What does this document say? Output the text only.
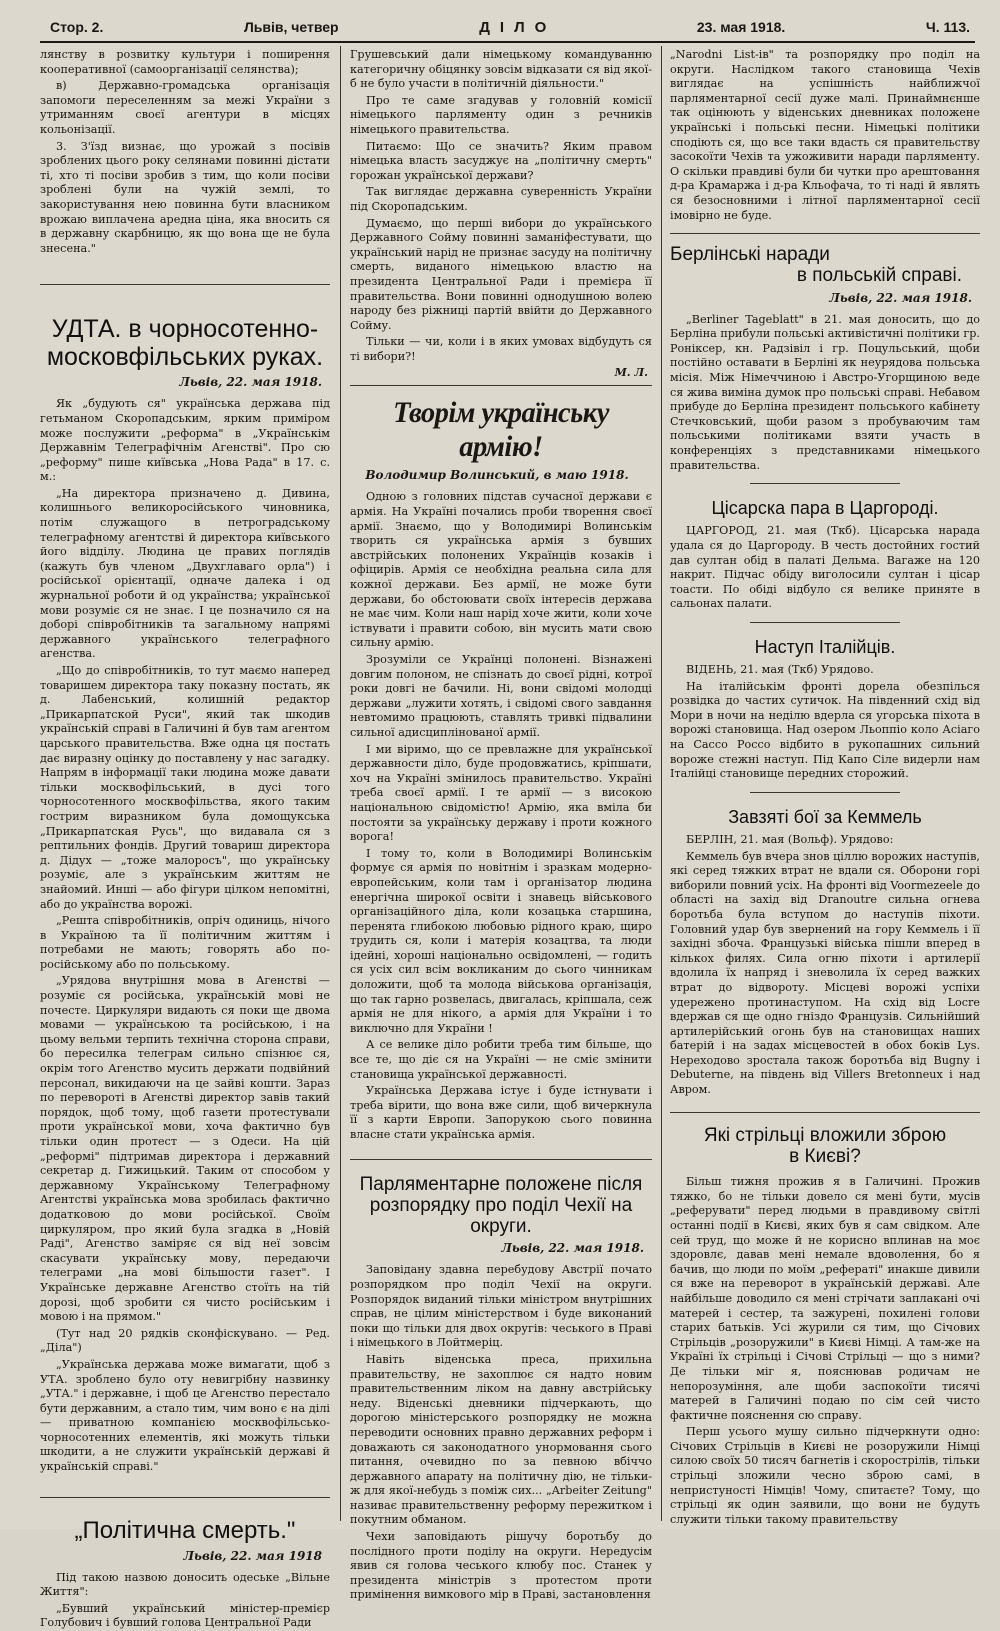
Стор. 2.	Львів, четвер	ДІЛО	23. мая 1918.	Ч. 113.

лянству в розвитку культури і поширення кооперативної (самоорганізації селянства);

в) Державно-громадська організація запомоги переселенням за межі України з утриманням своєї агентури в місцях кольонізації.

3. З'їзд визнає, що урожай з посівів зроблених цього року селянами повинні дістати ті, хто ті посіви зробив з тим, що коли посіви зроблені були на чужій землі, то закористування нею повинна бути власником врожаю виплачена аредна ціна, яка вносить ся в державну скарбницю, як що вона ще не була знесена."

УДТА. в чорносотенно-
московфільських руках.
Львів, 22. мая 1918.

Як „будують ся" українська держава під гетьманом Скоропадським, ярким приміром може послужити „реформа" в „Українськім Державнім Телеграфічнім Агенстві". Про сю „реформу" пише київська „Нова Рада" в 17. с. м.:

„На директора призначено д. Дивина, колишнього великоросійського чиновника, потім служащого в петроградському телеграфному агентстві й директора київського його відділу. Людина це правих поглядів (кажуть був членом „Двухглаваго орла") і російської орієнтації, одначе далека і од журнальної роботи й од українства; української мови розуміє ся не знає. І це позначило ся на доборі співробітників та загальному напрямі державного українського телеграфного агенства.

„Що до співробітників, то тут маємо наперед товаришем директора таку показну постать, як д. Лабенський, колишній редактор „Прикарпатской Руси", який так шкодив українській справі в Галичині й був там агентом царського правительства. Вже одна ця постать дає виразну оцінку до поставлену у нас загадку. Напрям в інформації таки людина може давати тільки москвофільський, в дусі того чорносотенного москвофільства, якого таким гострим виразником була домощукська „Прикарпатская Русь", що видавала ся з рептильних фондів. Другий товариш директора д. Дідух — „тоже малоросъ", що українську розуміє, але з українським життям не знайомий. Инші — або фігури цілком непомітні, або до українства ворожі.

„Решта співробітників, опріч одиниць, нічого в Україною та її політичним життям і потребами не мають; говорять або по-російському або по польському.

„Урядова внутрішня мова в Агенстві — розуміє ся російська, українській мові не почесте. Циркуляри видають ся поки ще двома мовами — українською та російською, і на цьому вельми терпить технічна сторона справи, бо пересилка телеграм сильно спізнює ся, окрім того Агенство мусить держати подвійний персонал, викидаючи на це зайві кошти. Зараз по перевороті в Агенстві директор завів такий порядок, щоб тому, щоб газети протестували проти української мови, хоча фактично був тільки один протест — з Одеси. На цій „реформі" підтримав директора і державний секретар д. Гижицький. Таким от способом у державному Українському Телеграфному Агентстві українська мова зробилась фактично додатковою до мови російської. Своїм циркуляром, про який була згадка в „Новій Раді", Агенство заміряє ся від неї зовсім скасувати українську мову, передаючи телеграми „на мові більшости газет". І Українське державне Агенство стоїть на тій дорозі, щоб зробити ся чисто російським і мовою і на прямом."

(Тут над 20 рядків сконфіскувано. — Ред. „Діла")

„Українська держава може вимагати, щоб з УТА. зроблено було оту невигрібну назвинку „УТА." і державне, і щоб це Агенство перестало бути державним, а стало тим, чим воно є на ділі — приватною компанією москвофільсько-чорносотенних елементів, які можуть тільки шкодити, а не служити українській державі й українській справі."

„Політична смерть."
Львів, 22. мая 1918

Під такою назвою доносить одеське „Вільне Життя":

„Бувший український міністер-премієр Голубович і бувший голова Центральної Ради

Грушевський дали німецькому командуванню категоричну обіцянку зовсім відказати ся від якої-б не було участи в політичній діяльности."

Про те саме згадував у головній комісії німецького парляменту один з речників німецького правительства.

Питаємо: Що се значить? Яким правом німецька власть засуджує на „політичну смерть" горожан української держави?

Так виглядає державна суверенність України під Скоропадським.

Думаємо, що перші вибори до українського Державного Сойму повинні заманіфестувати, що український нарід не признає засуду на політичну смерть, виданого німецькою властю на президента Центральної Ради і премієра її правительства. Вони повинні однодушною волею народу без ріжниці партій ввійти до Державного Сойму.

Тільки — чи, коли і в яких умовах відбудуть ся ті вибори?!

М. Л.
Творім українську армію!
Володимир Волинський, в маю 1918.

Одною з головних підстав сучасної держави є армія. На Україні почались проби творення своєї армії. Знаємо, що у Володимирі Волинськім творить ся українська армія з бувших австрійських полонених Українців козаків і офіцирів. Армія се необхідна реальна сила для кожної держави. Без армії, не може бути держави, бо обстоювати своїх інтересів держава не має чим. Коли наш нарід хоче жити, коли хоче іствувати і правити собою, він мусить мати свою сильну армію.

Зрозуміли се Українці полонені. Візнажені довгим полоном, не спізнать до своєї рідні, котрої роки довгі не бачили. Ні, вони свідомі молодці держави „лужити хотять, і свідомі свого завдання невтомимо працюють, ставлять тривкі підвалини сильної адисциплінованої армії.

І ми віримо, що се превлажне для української державности діло, буде продовжатись, кріпшати, хоч на Україні змінилось правительство. Україні треба своєї армії. І те армії — з високою національною свідомістю! Армію, яка вміла би постояти за українську державу і проти кожного ворога!

І тому то, коли в Володимирі Волинськім формує ся армія по новітнім і зразкам модерно-европейським, коли там і організатор людина енергічна широкої освіти і знавець військового організаційного діла, коли козацька старшина, перенята глибокою любовью рідного краю, щиро трудить ся, коли і матерія козацтва, та люди ідейні, хороші національно освідомлені, — годить ся усіх сил всім вокликаним до сього чинникам доложити, щоб та молода військова організація, що так гарно розвелась, двигалась, кріпшала, сеж армія не для нікого, а армія для України і то виключно для України !

А се велике діло робити треба тим більше, що все те, що діє ся на Україні — не сміє змінити становища української державності.

Українська Держава істує і буде істнувати і треба вірити, що вона вже сили, щоб вичеркнула її з карти Европи. Запорукою сього повинна власне стати українська армія.

Парляментарне положене після
розпорядку про поділ Чехії на
округи.
Львів, 22. мая 1918.

Заповідану здавна перебудову Австрії почато розпорядком про поділ Чехії на округи. Розпорядок виданий тільки міністром внутрішних справ, не цілим міністерством і буде виконаний поки що тільки для двох округів: чеського в Праві і німецького в Лойтмеріц.

Навіть віденська преса, прихильна правительству, не захоплює ся надто новим правительственним ліком на давну австрійську неду. Віденські дневники підчеркають, що дорогою міністерського розпорядку не можна переводити основних правно державних реформ і доважають ся законодатного унормовання сього питання, очевидно по за певною вбіччо державного апарату на політичну дію, не тільки-ж для якої-небудь з поміж сих... „Arbeiter Zeitung" називає правительственну реформу пережитком і покутним обманом.

Чехи заповідають рішучу боротьбу до послідного проти поділу на округи. Нередусім явив ся голова чеського клюбу пос. Станек у президента міністрів з протестом проти примінення вимкового мір в Праві, застановлення

„Narodni List-iв" та розпорядку про поділ на округи. Наслідком такого становища Чехів виглядає на успішність найближчої парляментарної сесії дуже малі. Принаймнєнше так оцінюють у віденських дневниках положене українські і польські песни. Німецькі політики сподіють ся, що все таки вдасть ся правительству засокоїти Чехів та ужоживити наради парляменту. О скільки правдиві були би чутки про арештовання д-ра Крамаржа і д-ра Кльофача, то ті наді й являть ся безосновними і літної парляментарної сесії імовірно не буде.

Берлінські наради

в польській справі.
Львів, 22. мая 1918.

„Berliner Tageblatt" в 21. мая доносить, що до Берліна прибули польські активістичні політики гр. Роніксер, кн. Радзівіл і гр. Поцульський, щоби постійно оставати в Берліні як неурядова польська місія. Між Німеччиною і Австро-Угорщиною веде ся жива виміна думок про польські справі. Небавом прибуде до Берліна президент польського кабінету Стечковський, щоби разом з пробуваючим там польськими політиками взяти участь в конференціях з представниками німецького правительства.

Цісарска пара в Царгороді.

ЦАРГОРОД, 21. мая (Ткб). Цісарська нарада удала ся до Царгороду. В честь достойних гостий дав султан обід в палаті Дельма. Вагаже на 120 накрит. Підчас обіду виголосили султан і цісар тоасти. По обіді відбуло ся велике приняте в сальонах палати.

Наступ Італійців.

ВІДЕНЬ, 21. мая (Ткб) Урядово.

На італійськім фронті дорела обезпілься розвідка до частих сутичок. На південний схід від Мори в ночи на неділю вдерла ся угорська піхота в ворожі становища. Над озером Льоппіо коло Асіаго на Сассо Россо відбито в рукопашних сильний вороже стежні наступ. Під Капо Сіле видерли нам Італійці становище передних сторожий.

Завзяті бої за Кеммель

БЕРЛІН, 21. мая (Вольф). Урядово:

Кеммель був вчера знов ціллю ворожих наступів, які серед тяжких втрат не вдали ся. Оборони горі виборили повний усіх. На фронті від Voormezeele до області на захід від Dranoutre сильна огнева боротьба була вступом до наступів піхоти. Головний удар був звернений на гору Кеммель і її західні збоча. Французькі війська пішли вперед в кількох филях. Сила огню піхоти і артилерії вдолила їх напряд і зневолила їх серед важких втрат до відвороту. Місцеві ворожі успіхи удережено протинаступом. На схід від Locre вдержав ся ще одно гніздо Французів. Сильнійший артилерійський огонь був на становищах наших батерій і на задах місцевостей в обох боків Lys. Нереходово зростала також боротьба від Bugny і Debuterne, на південь від Villers Bretonneux і над Авром.

Які стрільці вложили зброю
в Києві?

Більш тижня прожив я в Галичині. Прожив тяжко, бо не тільки довело ся мені бути, мусів „реферувати" перед людьми в правдивому світлі останні події в Києві, яких був я сам свідком. Але сей труд, що може й не корисно вплинав на моє здоровлє, давав мені немале вдоволення, бо я бачив, що люди по моїм „рефераті" инакше дивили ся вже на переворот в українській державі. Але найбільше доводило ся мені стрічати заплакані очі матерей і сестер, та зажурені, похилені голови старих батьків. Усі журили ся тим, що Січових Стрільців „розоружили" в Києві Німці. А там-же на Україні їх стрільці і Січові Стрільці — що з ними? Де тільки міг я, пояснював родичам не непорозуміння, але щоби заспокоїти тисячі матерей в Галичині подаю по сім сей чисто фактичне пояснення сю справу.

Перш усього мушу сильно підчеркнути одно: Січових Стрільців в Києві не розоружили Німці силою своїх 50 тисяч багнетів і скорострілів, тільки стрільці зложили чесно зброю самі, в непристуності Німців! Чому, спитаєте? Тому, що стрільці як один заявили, що вони не будуть служити тільки такому правительству
